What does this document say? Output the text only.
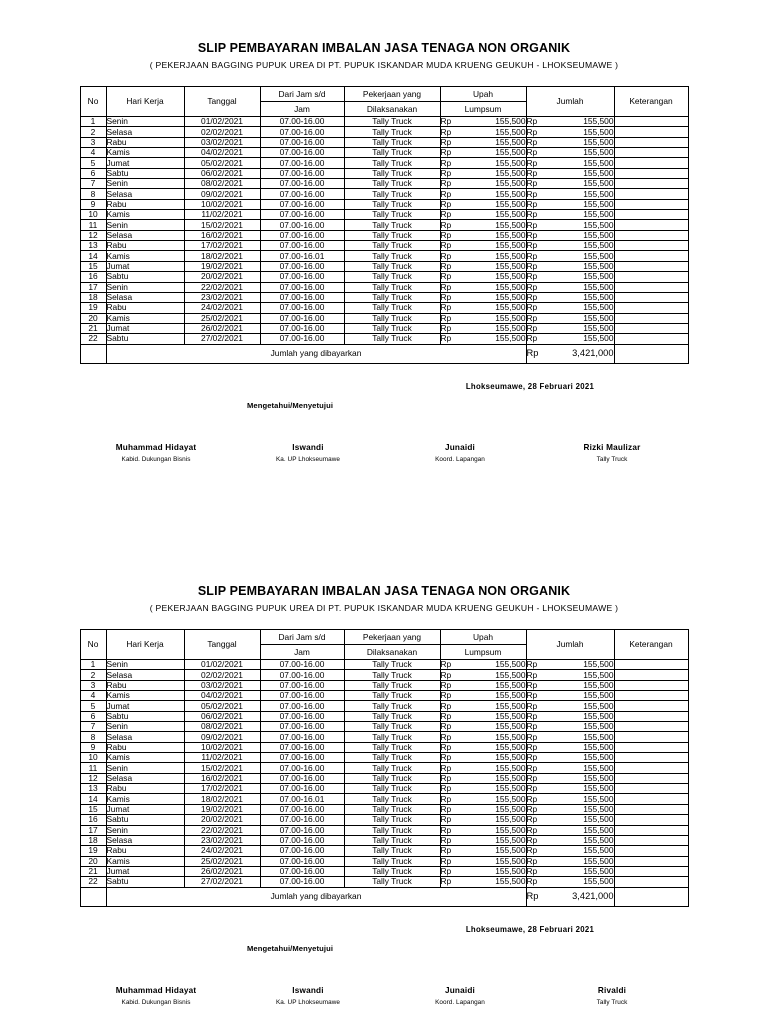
SLIP PEMBAYARAN IMBALAN JASA TENAGA NON ORGANIK
( PEKERJAAN BAGGING PUPUK UREA DI PT. PUPUK ISKANDAR MUDA KRUENG GEUKUH - LHOKSEUMAWE )
No	Hari Kerja	Tanggal	Dari Jam s/d	Pekerjaan yang	Upah	Jumlah	Keterangan
			Jam	Dilaksanakan	Lumpsum		
1	Senin	01/02/2021	07.00-16.00	Tally Truck	Rp 155,500	Rp 155,500	

2	Selasa	02/02/2021	07.00-16.00	Tally Truck	Rp 155,500	Rp 155,500	

3	Rabu	03/02/2021	07.00-16.00	Tally Truck	Rp 155,500	Rp 155,500	

4	Kamis	04/02/2021	07.00-16.00	Tally Truck	Rp 155,500	Rp 155,500	

5	Jumat	05/02/2021	07.00-16.00	Tally Truck	Rp 155,500	Rp 155,500	

6	Sabtu	06/02/2021	07.00-16.00	Tally Truck	Rp 155,500	Rp 155,500	

7	Senin	08/02/2021	07.00-16.00	Tally Truck	Rp 155,500	Rp 155,500	

8	Selasa	09/02/2021	07.00-16.00	Tally Truck	Rp 155,500	Rp 155,500	

9	Rabu	10/02/2021	07.00-16.00	Tally Truck	Rp 155,500	Rp 155,500	

10	Kamis	11/02/2021	07.00-16.00	Tally Truck	Rp 155,500	Rp 155,500	

11	Senin	15/02/2021	07.00-16.00	Tally Truck	Rp 155,500	Rp 155,500	

12	Selasa	16/02/2021	07.00-16.00	Tally Truck	Rp 155,500	Rp 155,500	

13	Rabu	17/02/2021	07.00-16.00	Tally Truck	Rp 155,500	Rp 155,500	

14	Kamis	18/02/2021	07.00-16.01	Tally Truck	Rp 155,500	Rp 155,500	

15	Jumat	19/02/2021	07.00-16.00	Tally Truck	Rp 155,500	Rp 155,500	

16	Sabtu	20/02/2021	07.00-16.00	Tally Truck	Rp 155,500	Rp 155,500	

17	Senin	22/02/2021	07.00-16.00	Tally Truck	Rp 155,500	Rp 155,500	

18	Selasa	23/02/2021	07.00-16.00	Tally Truck	Rp 155,500	Rp 155,500	

19	Rabu	24/02/2021	07.00-16.00	Tally Truck	Rp 155,500	Rp 155,500	

20	Kamis	25/02/2021	07.00-16.00	Tally Truck	Rp 155,500	Rp 155,500	

21	Jumat	26/02/2021	07.00-16.00	Tally Truck	Rp 155,500	Rp 155,500	

22	Sabtu	27/02/2021	07.00-16.00	Tally Truck	Rp 155,500	Rp 155,500	

	Jumlah yang dibayarkan					Rp 3,421,000	

Lhokseumawe, 28 Februari 2021
Mengetahui/Menyetujui
Muhammad Hidayat
Kabid. Dukungan Bisnis
Iswandi
Ka. UP Lhokseumawe
Junaidi
Koord. Lapangan
Rizki Maulizar
Tally Truck
SLIP PEMBAYARAN IMBALAN JASA TENAGA NON ORGANIK
( PEKERJAAN BAGGING PUPUK UREA DI PT. PUPUK ISKANDAR MUDA KRUENG GEUKUH - LHOKSEUMAWE )
No	Hari Kerja	Tanggal	Dari Jam s/d	Pekerjaan yang	Upah	Jumlah	Keterangan
			Jam	Dilaksanakan	Lumpsum		
1	Senin	01/02/2021	07.00-16.00	Tally Truck	Rp 155,500	Rp 155,500	

2	Selasa	02/02/2021	07.00-16.00	Tally Truck	Rp 155,500	Rp 155,500	

3	Rabu	03/02/2021	07.00-16.00	Tally Truck	Rp 155,500	Rp 155,500	

4	Kamis	04/02/2021	07.00-16.00	Tally Truck	Rp 155,500	Rp 155,500	

5	Jumat	05/02/2021	07.00-16.00	Tally Truck	Rp 155,500	Rp 155,500	

6	Sabtu	06/02/2021	07.00-16.00	Tally Truck	Rp 155,500	Rp 155,500	

7	Senin	08/02/2021	07.00-16.00	Tally Truck	Rp 155,500	Rp 155,500	

8	Selasa	09/02/2021	07.00-16.00	Tally Truck	Rp 155,500	Rp 155,500	

9	Rabu	10/02/2021	07.00-16.00	Tally Truck	Rp 155,500	Rp 155,500	

10	Kamis	11/02/2021	07.00-16.00	Tally Truck	Rp 155,500	Rp 155,500	

11	Senin	15/02/2021	07.00-16.00	Tally Truck	Rp 155,500	Rp 155,500	

12	Selasa	16/02/2021	07.00-16.00	Tally Truck	Rp 155,500	Rp 155,500	

13	Rabu	17/02/2021	07.00-16.00	Tally Truck	Rp 155,500	Rp 155,500	

14	Kamis	18/02/2021	07.00-16.01	Tally Truck	Rp 155,500	Rp 155,500	

15	Jumat	19/02/2021	07.00-16.00	Tally Truck	Rp 155,500	Rp 155,500	

16	Sabtu	20/02/2021	07.00-16.00	Tally Truck	Rp 155,500	Rp 155,500	

17	Senin	22/02/2021	07.00-16.00	Tally Truck	Rp 155,500	Rp 155,500	

18	Selasa	23/02/2021	07.00-16.00	Tally Truck	Rp 155,500	Rp 155,500	

19	Rabu	24/02/2021	07.00-16.00	Tally Truck	Rp 155,500	Rp 155,500	

20	Kamis	25/02/2021	07.00-16.00	Tally Truck	Rp 155,500	Rp 155,500	

21	Jumat	26/02/2021	07.00-16.00	Tally Truck	Rp 155,500	Rp 155,500	

22	Sabtu	27/02/2021	07.00-16.00	Tally Truck	Rp 155,500	Rp 155,500	

	Jumlah yang dibayarkan					Rp 3,421,000	

Lhokseumawe, 28 Februari 2021
Mengetahui/Menyetujui
Muhammad Hidayat
Kabid. Dukungan Bisnis
Iswandi
Ka. UP Lhokseumawe
Junaidi
Koord. Lapangan
Rivaldi
Tally Truck
